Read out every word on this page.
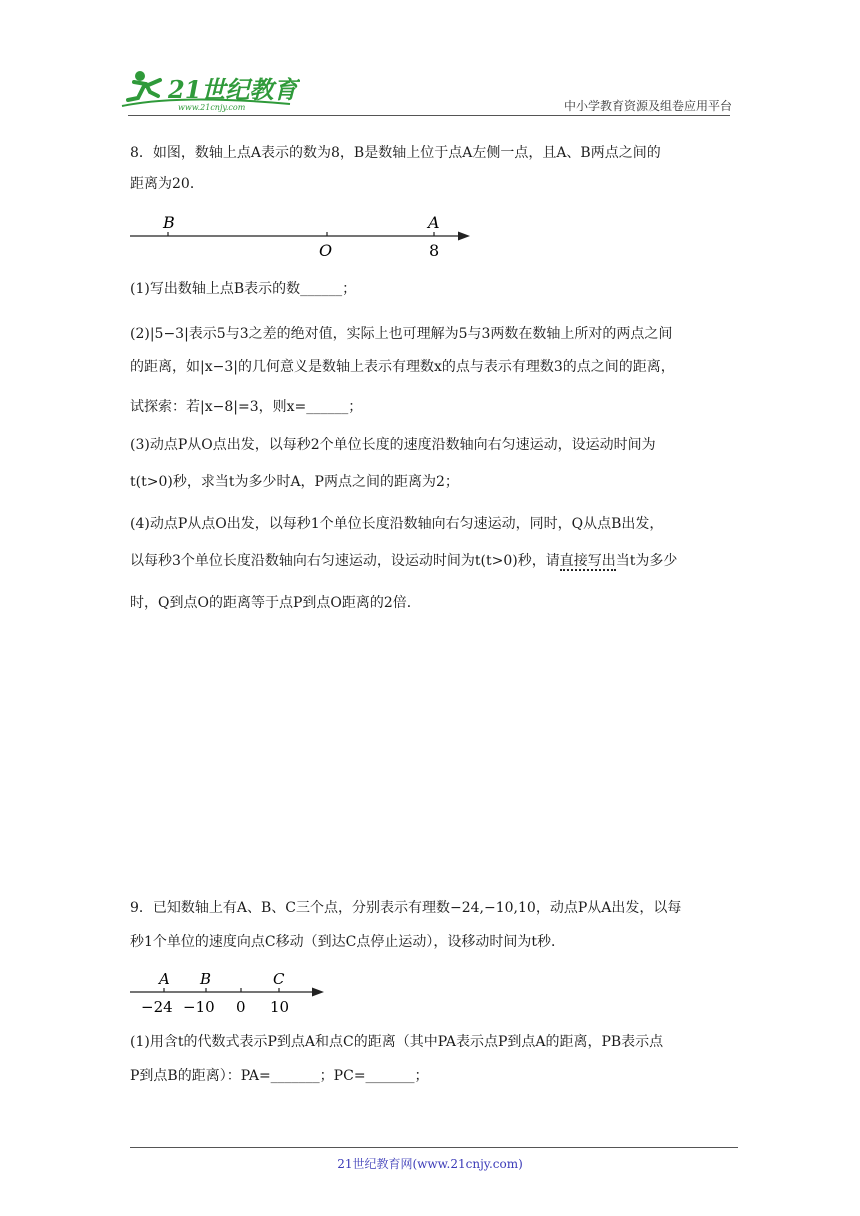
21世纪教育
www.21cnjy.com	中小学教育资源及组卷应用平台
8．如图，数轴上点A表示的数为8，B是数轴上位于点A左侧一点，且A、B两点之间的
距离为20．
B	A
O	8
(1)写出数轴上点B表示的数______；
(2)|5−3|表示5与3之差的绝对值，实际上也可理解为5与3两数在数轴上所对的两点之间
的距离，如|x−3|的几何意义是数轴上表示有理数x的点与表示有理数3的点之间的距离，
试探索：若|x−8|=3，则x=______；
(3)动点P从O点出发，以每秒2个单位长度的速度沿数轴向右匀速运动，设运动时间为
t(t>0)秒，求当t为多少时A，P两点之间的距离为2；
(4)动点P从点O出发，以每秒1个单位长度沿数轴向右匀速运动，同时，Q从点B出发，
以每秒3个单位长度沿数轴向右匀速运动，设运动时间为t(t>0)秒，请直接写出当t为多少
时，Q到点O的距离等于点P到点O距离的2倍．
9．已知数轴上有A、B、C三个点，分别表示有理数−24,−10,10，动点P从A出发，以每
秒1个单位的速度向点C移动（到达C点停止运动），设移动时间为t秒．
A B	C
−24 −10 0 10
(1)用含t的代数式表示P到点A和点C的距离（其中PA表示点P到点A的距离，PB表示点
P到点B的距离）：PA=_______；PC=_______；
21世纪教育网(www.21cnjy.com)
